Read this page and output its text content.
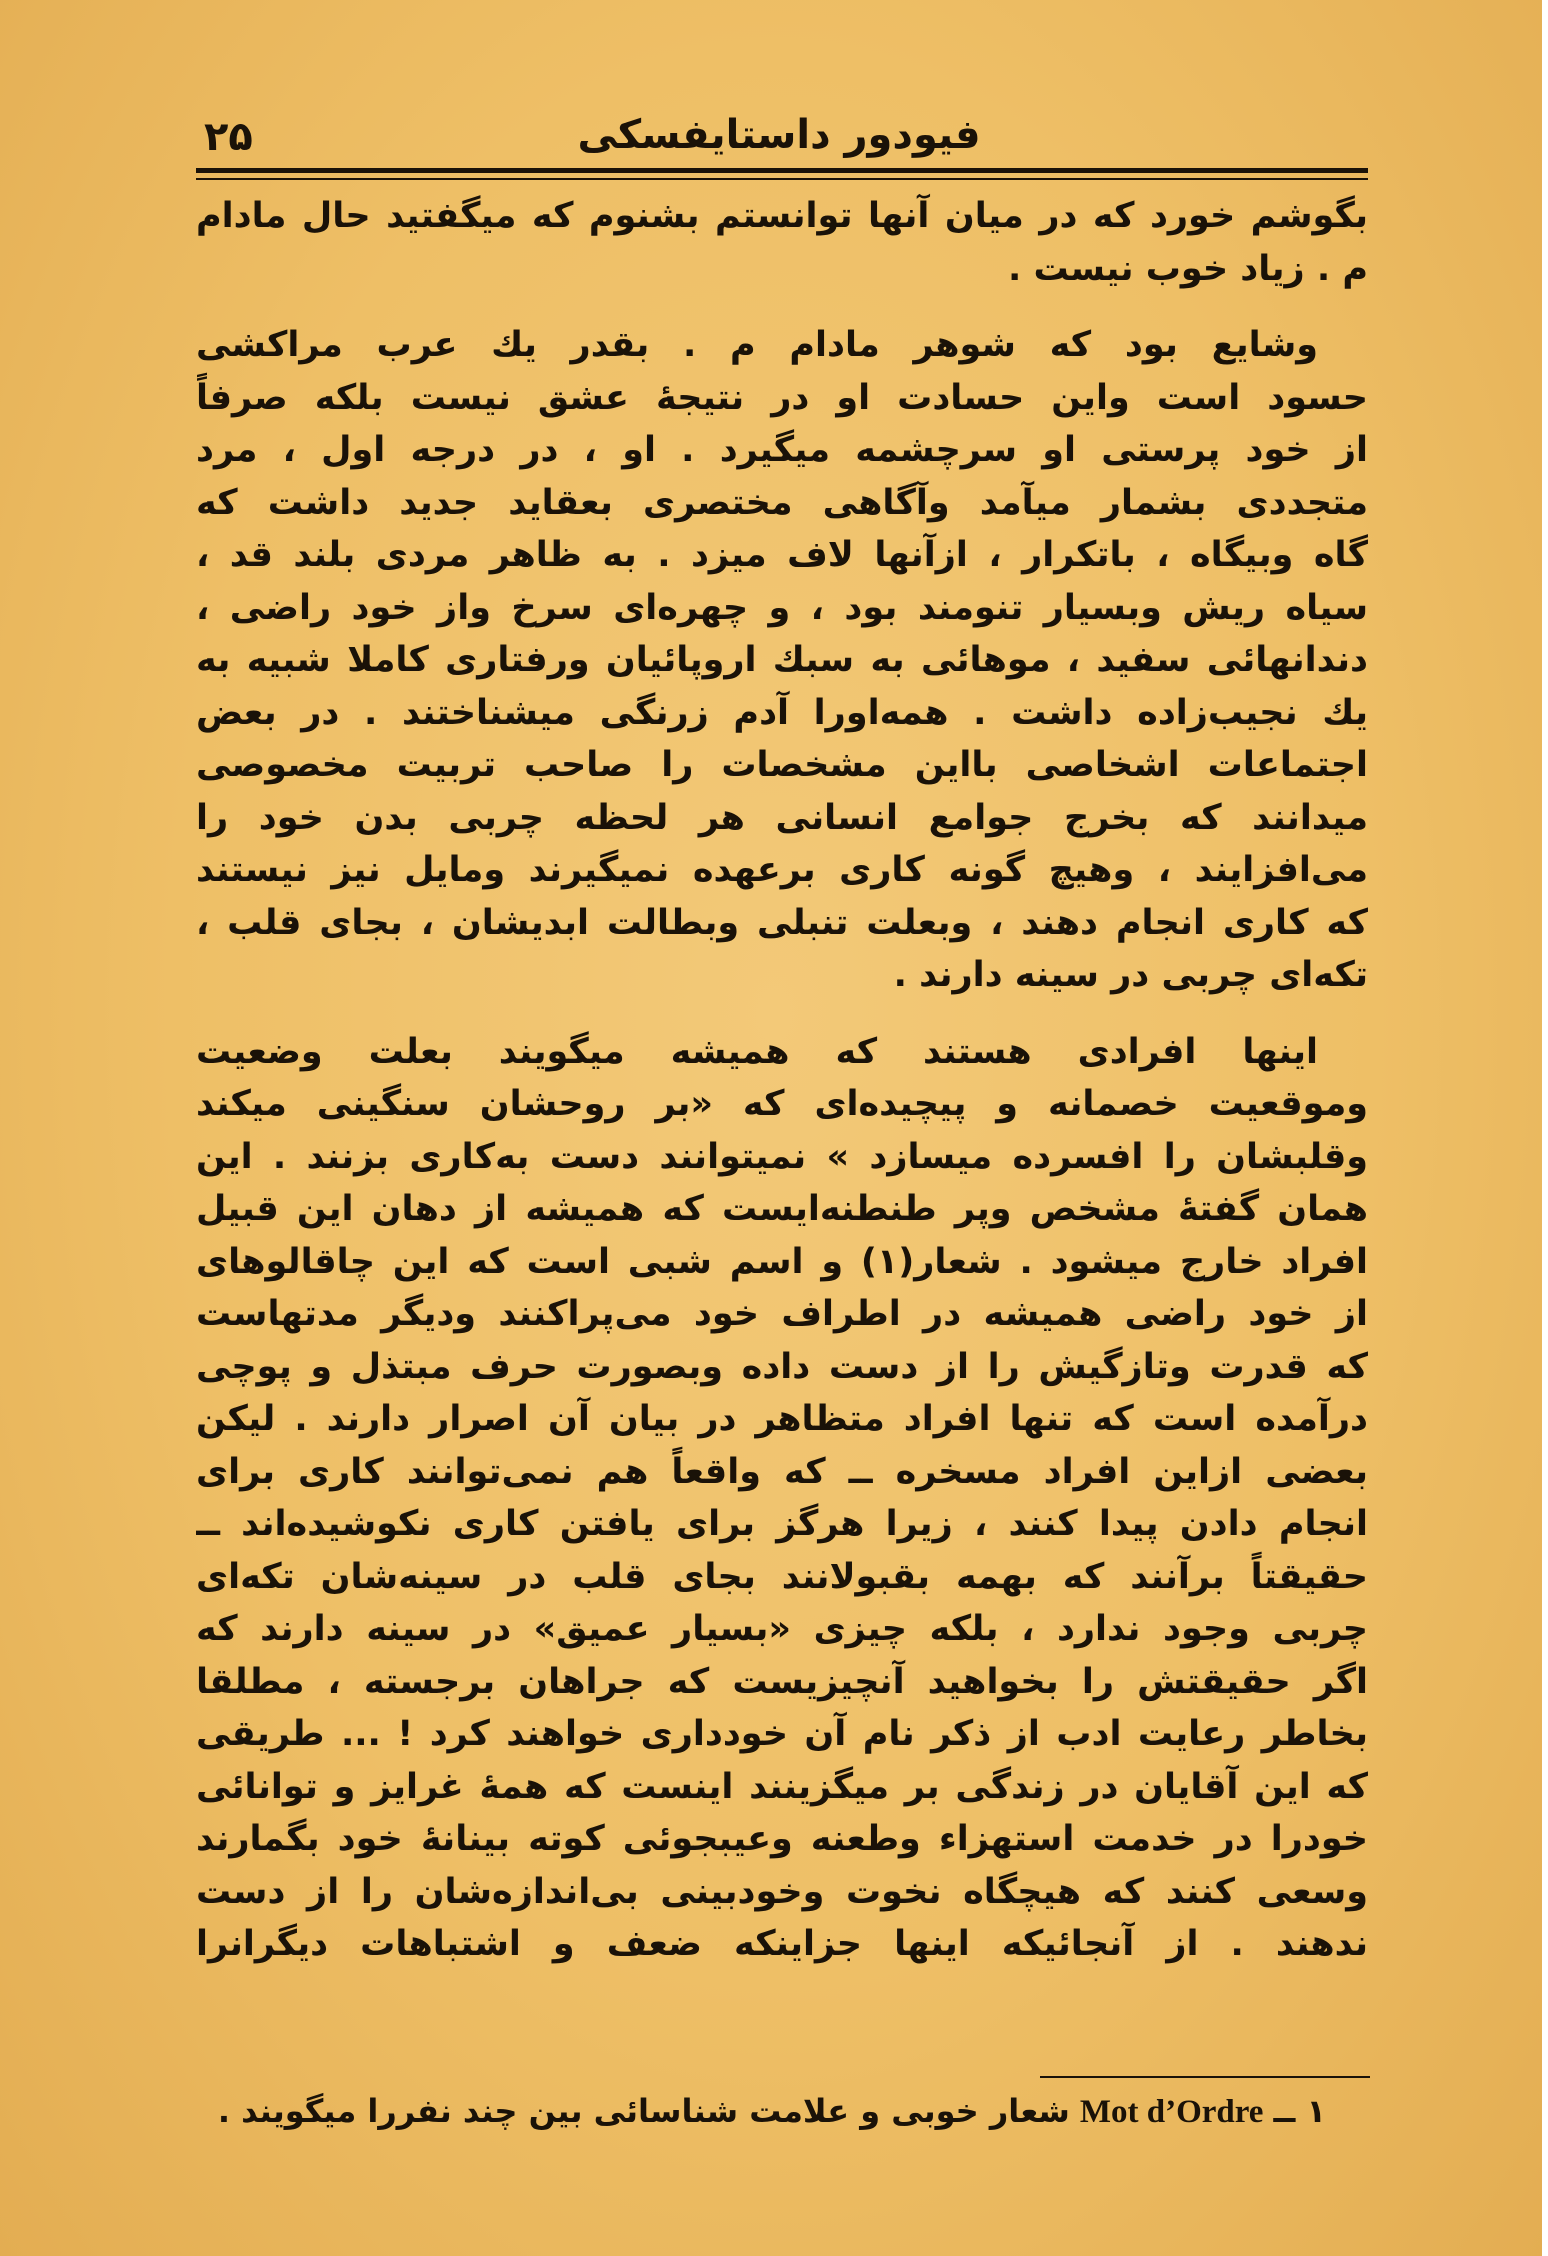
۲۵	فیودور داستایفسکی
بگوشم خورد که در میان آنها توانستم بشنوم که میگفتید حال مادام
م . زیاد خوب نیست .
وشایع بود که شوهر مادام م . بقدر یك عرب مراکشی
حسود است واین حسادت او در نتیجهٔ عشق نیست بلکه صرفاً
از خود پرستی او سرچشمه میگیرد . او ، در درجه اول ، مرد
متجددی بشمار میآمد وآگاهی مختصری بعقاید جدید داشت که
گاه وبیگاه ، باتکرار ، ازآنها لاف میزد . به ظاهر مردی بلند قد ،
سیاه ریش وبسیار تنومند بود ، و چهره‌ای سرخ واز خود راضی ،
دندانهائی سفید ، موهائی به سبك اروپائیان ورفتاری کاملا شبیه به
یك نجیب‌زاده داشت . همه‌اورا آدم زرنگی میشناختند . در بعض
اجتماعات اشخاصی بااین مشخصات را صاحب تربیت مخصوصی
میدانند که بخرج جوامع انسانی هر لحظه چربی بدن خود را
می‌افزایند ، وهیچ گونه کاری برعهده نمیگیرند ومایل نیز نیستند
که کاری انجام دهند ، وبعلت تنبلی وبطالت ابدیشان ، بجای قلب ،
تکه‌ای چربی در سینه دارند .
اینها افرادی هستند که همیشه میگویند بعلت وضعیت
وموقعیت خصمانه و پیچیده‌ای که «بر روحشان سنگینی میکند
وقلبشان را افسرده میسازد » نمیتوانند دست به‌کاری بزنند . این
همان گفتهٔ مشخص وپر طنطنه‌ایست که همیشه از دهان این قبیل
افراد خارج میشود . شعار(۱) و اسم شبی است که این چاقالوهای
از خود راضی همیشه در اطراف خود می‌پراکنند ودیگر مدتهاست
که قدرت وتازگیش را از دست داده وبصورت حرف مبتذل و پوچی
درآمده است که تنها افراد متظاهر در بیان آن اصرار دارند . لیکن
بعضی ازاین افراد مسخره ــ که واقعاً هم نمی‌توانند کاری برای
انجام دادن پیدا کنند ، زیرا هرگز برای یافتن کاری نکوشیده‌اند ــ
حقیقتاً برآنند که بهمه بقبولانند بجای قلب در سینه‌شان تکه‌ای
چربی وجود ندارد ، بلکه چیزی «بسیار عمیق» در سینه دارند که
اگر حقیقتش را بخواهید آنچیزیست که جراهان برجسته ، مطلقا
بخاطر رعایت ادب از ذکر نام آن خودداری خواهند کرد ! ... طریقی
که این آقایان در زندگی بر میگزینند اینست که همهٔ غرایز و توانائی
خودرا در خدمت استهزاء وطعنه وعیبجوئی کوته بینانهٔ خود بگمارند
وسعی کنند که هیچگاه نخوت وخودبینی بی‌اندازه‌شان را از دست
ندهند . از آنجائیکه اینها جزاینکه ضعف و اشتباهات دیگرانرا
۱ ــMot d’Ordreشعار خوبی و علامت شناسائی بین چند نفررا میگویند .
